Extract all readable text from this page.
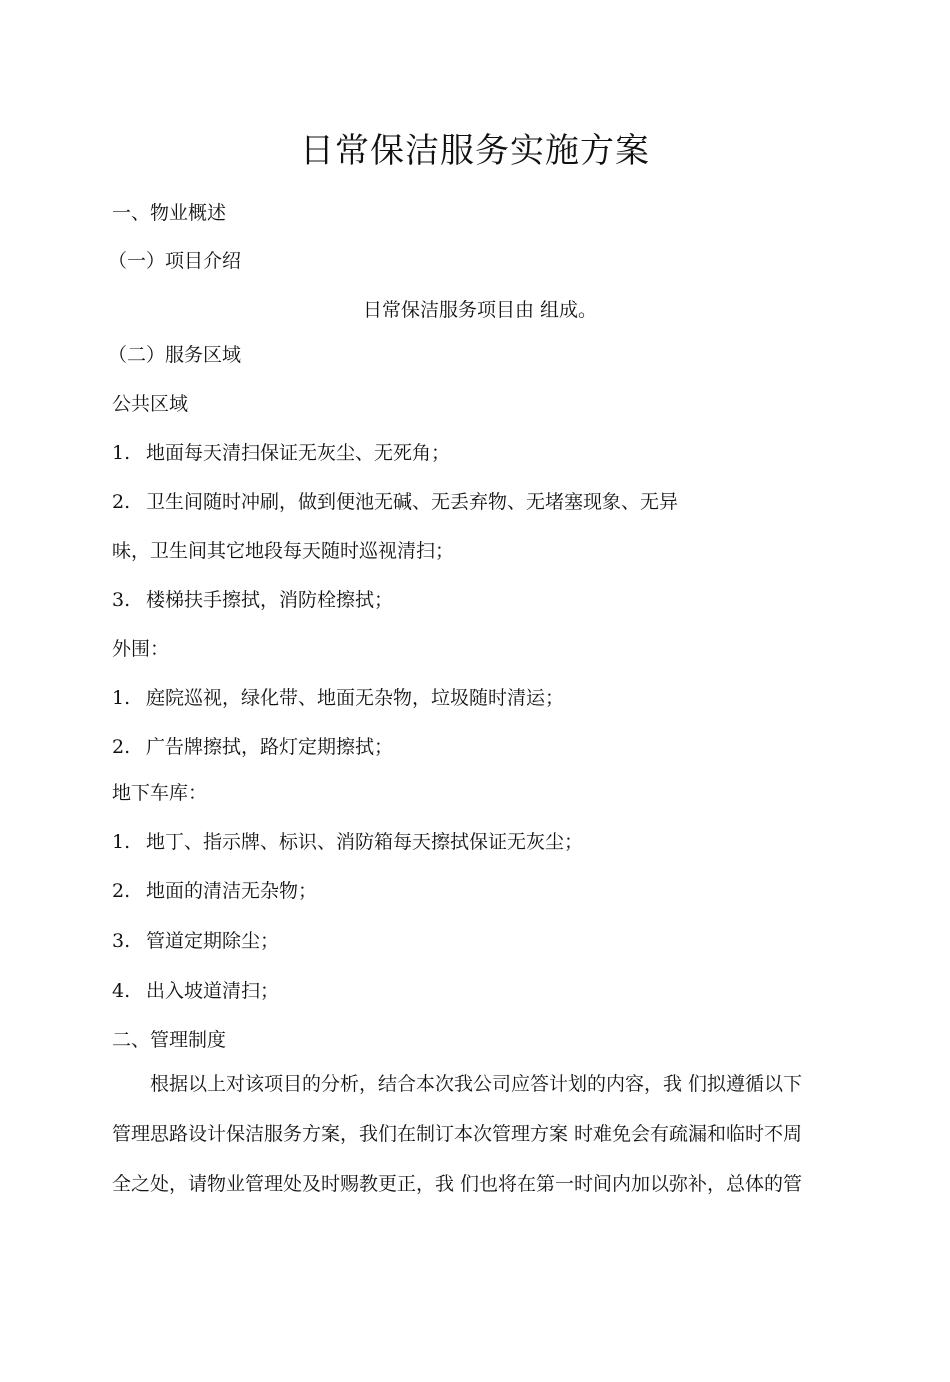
日常保洁服务实施方案
一、物业概述
（一）项目介绍
日常保洁服务项目由 组成。
（二）服务区域
公共区域
1. 地面每天清扫保证无灰尘、无死角；
2. 卫生间随时冲刷，做到便池无碱、无丢弃物、无堵塞现象、无异
味，卫生间其它地段每天随时巡视清扫；
3. 楼梯扶手擦拭，消防栓擦拭；
外围：
1. 庭院巡视，绿化带、地面无杂物，垃圾随时清运；
2. 广告牌擦拭，路灯定期擦拭；
地下车库：
1. 地丁、指示牌、标识、消防箱每天擦拭保证无灰尘；
2. 地面的清洁无杂物；
3. 管道定期除尘；
4. 出入坡道清扫；
二、管理制度
　　根据以上对该项目的分析，结合本次我公司应答计划的内容，我 们拟遵循以下
管理思路设计保洁服务方案，我们在制订本次管理方案 时难免会有疏漏和临时不周
全之处，请物业管理处及时赐教更正，我 们也将在第一时间内加以弥补，总体的管
